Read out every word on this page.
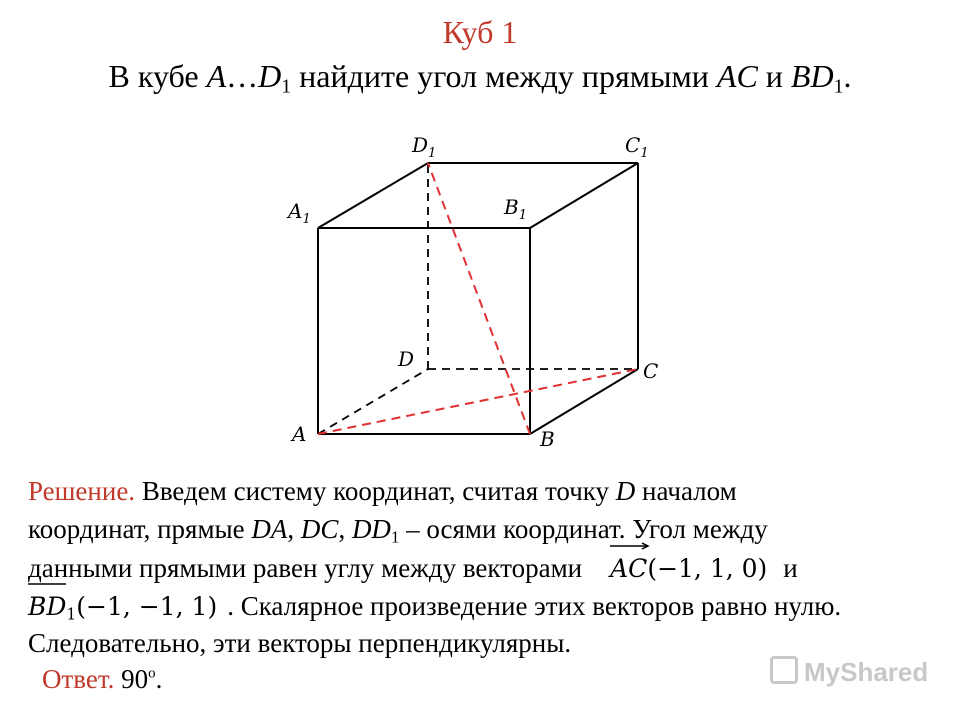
Куб 1
В кубе $A\dots D_1$ найдите угол между прямыми AC и $BD_1$.
$D_1$	$C_1$
$A_1$
$B_1$
D	C
A	B
Решение. Введем систему координат, считая точку D началом
координат, прямые DA, DC, $DD_1$ – осями координат. Угол между
данными прямыми равен углу между векторами AC(−1, 1, 0) и
$BD_1(-1$, −1, 1) . Скалярное произведение этих векторов равно нулю.
Следовательно, эти векторы перпендикулярны.
Ответ. 90$^o$.	MyShared
